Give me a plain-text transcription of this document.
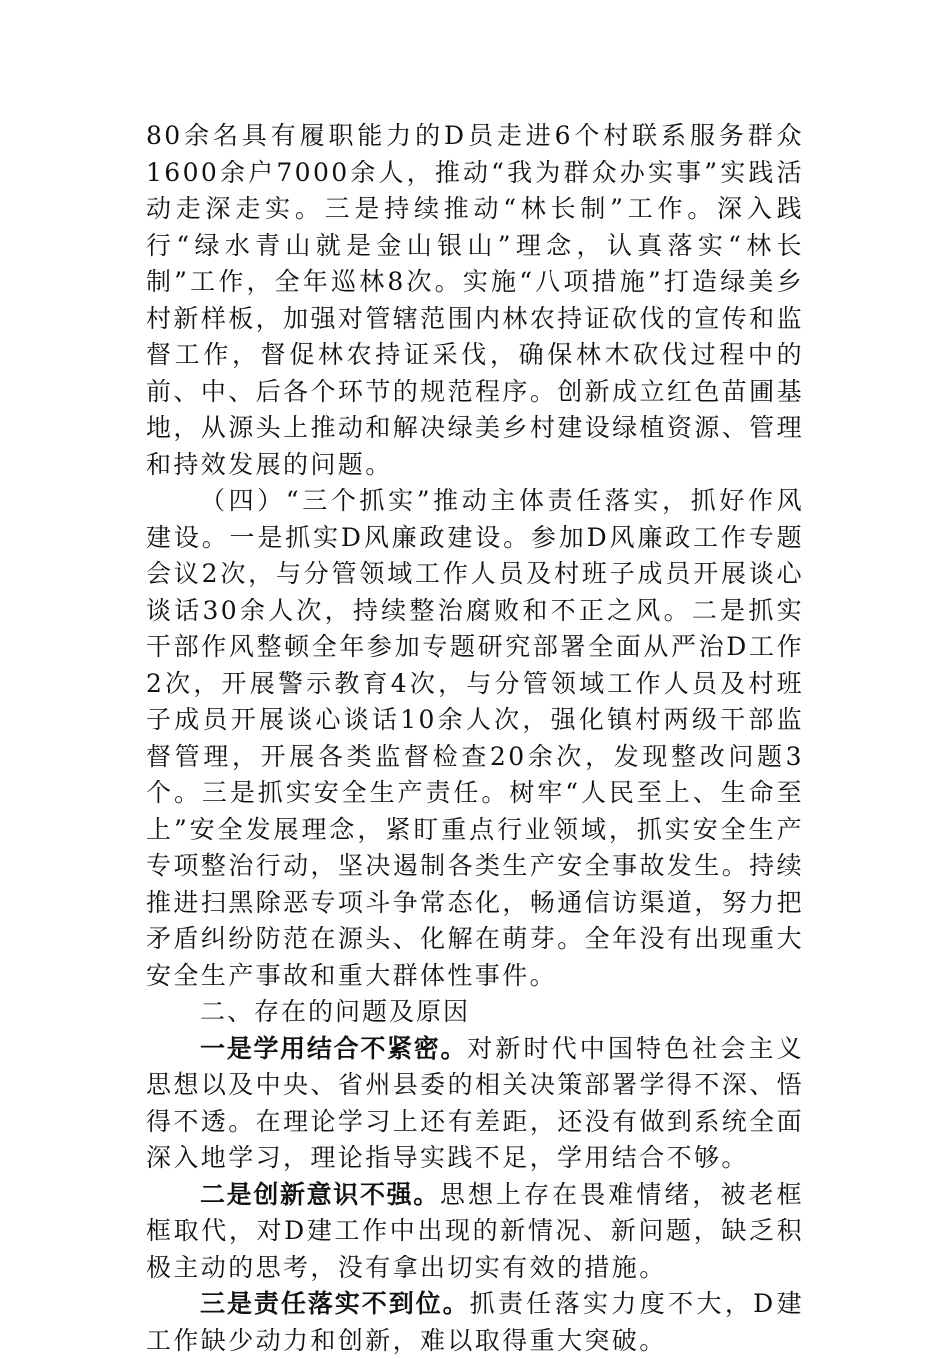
80余名具有履职能力的D员走进6个村联系服务群众1600余户7000余人，推动“我为群众办实事”实践活动走深走实。三是持续推动“林长制”工作。深入践行“绿水青山就是金山银山”理念，认真落实“林长制”工作，全年巡林8次。实施“八项措施”打造绿美乡村新样板，加强对管辖范围内林农持证砍伐的宣传和监督工作，督促林农持证采伐，确保林木砍伐过程中的前、中、后各个环节的规范程序。创新成立红色苗圃基地，从源头上推动和解决绿美乡村建设绿植资源、管理和持效发展的问题。

（四）“三个抓实”推动主体责任落实，抓好作风建设。一是抓实D风廉政建设。参加D风廉政工作专题会议2次，与分管领域工作人员及村班子成员开展谈心谈话30余人次，持续整治腐败和不正之风。二是抓实干部作风整顿全年参加专题研究部署全面从严治D工作2次，开展警示教育4次，与分管领域工作人员及村班子成员开展谈心谈话10余人次，强化镇村两级干部监督管理，开展各类监督检查20余次，发现整改问题3个。三是抓实安全生产责任。树牢“人民至上、生命至上”安全发展理念，紧盯重点行业领域，抓实安全生产专项整治行动，坚决遏制各类生产安全事故发生。持续推进扫黑除恶专项斗争常态化，畅通信访渠道，努力把矛盾纠纷防范在源头、化解在萌芽。全年没有出现重大安全生产事故和重大群体性事件。

二、存在的问题及原因

一是学用结合不紧密。对新时代中国特色社会主义思想以及中央、省州县委的相关决策部署学得不深、悟得不透。在理论学习上还有差距，还没有做到系统全面深入地学习，理论指导实践不足，学用结合不够。

二是创新意识不强。思想上存在畏难情绪，被老框框取代，对D建工作中出现的新情况、新问题，缺乏积极主动的思考，没有拿出切实有效的措施。

三是责任落实不到位。抓责任落实力度不大，D建工作缺少动力和创新，难以取得重大突破。
